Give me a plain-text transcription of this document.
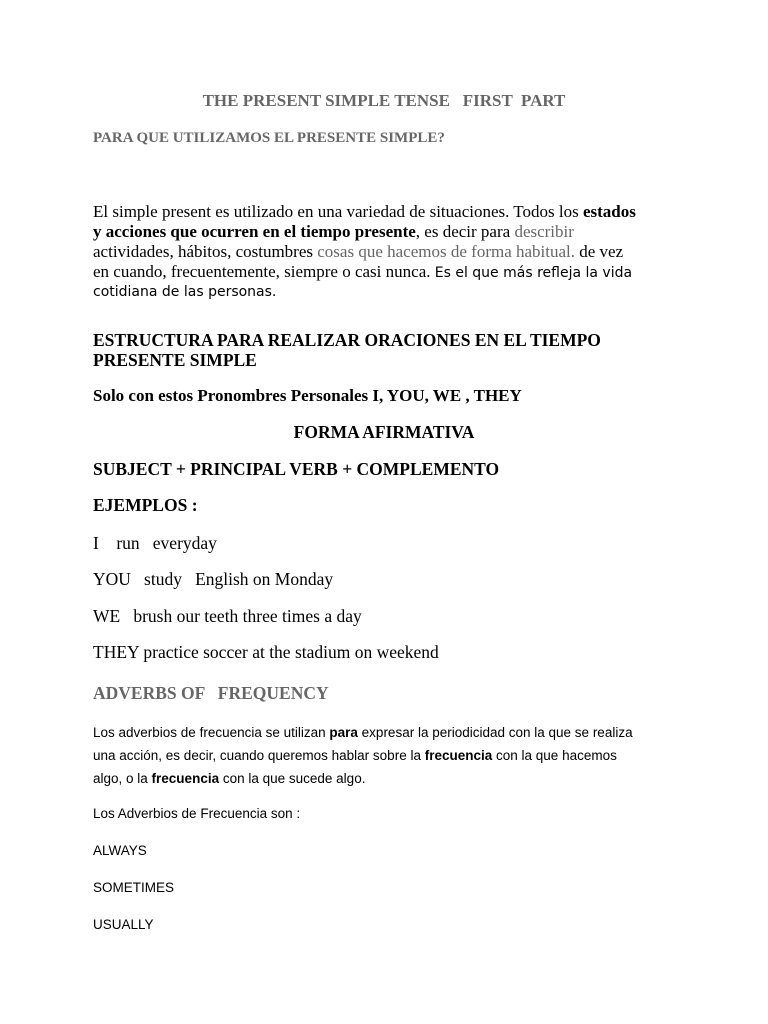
THE PRESENT SIMPLE TENSE   FIRST  PART
PARA QUE UTILIZAMOS EL PRESENTE SIMPLE?
El simple present es utilizado en una variedad de situaciones. Todos los estados
y acciones que ocurren en el tiempo presente, es decir para describir
actividades, hábitos, costumbres cosas que hacemos de forma habitual. de vez
en cuando, frecuentemente, siempre o casi nunca. Es el que más refleja la vida
cotidiana de las personas.
ESTRUCTURA PARA REALIZAR ORACIONES EN EL TIEMPO PRESENTE SIMPLE
Solo con estos Pronombres Personales I, YOU, WE , THEY
FORMA AFIRMATIVA
SUBJECT + PRINCIPAL VERB + COMPLEMENTO
EJEMPLOS :
I    run   everyday
YOU   study   English on Monday
WE   brush our teeth three times a day
THEY practice soccer at the stadium on weekend
ADVERBS OF   FREQUENCY
Los adverbios de frecuencia se utilizan para expresar la periodicidad con la que se realiza
una acción, es decir, cuando queremos hablar sobre la frecuencia con la que hacemos
algo, o la frecuencia con la que sucede algo.
Los Adverbios de Frecuencia son :
ALWAYS
SOMETIMES
USUALLY
